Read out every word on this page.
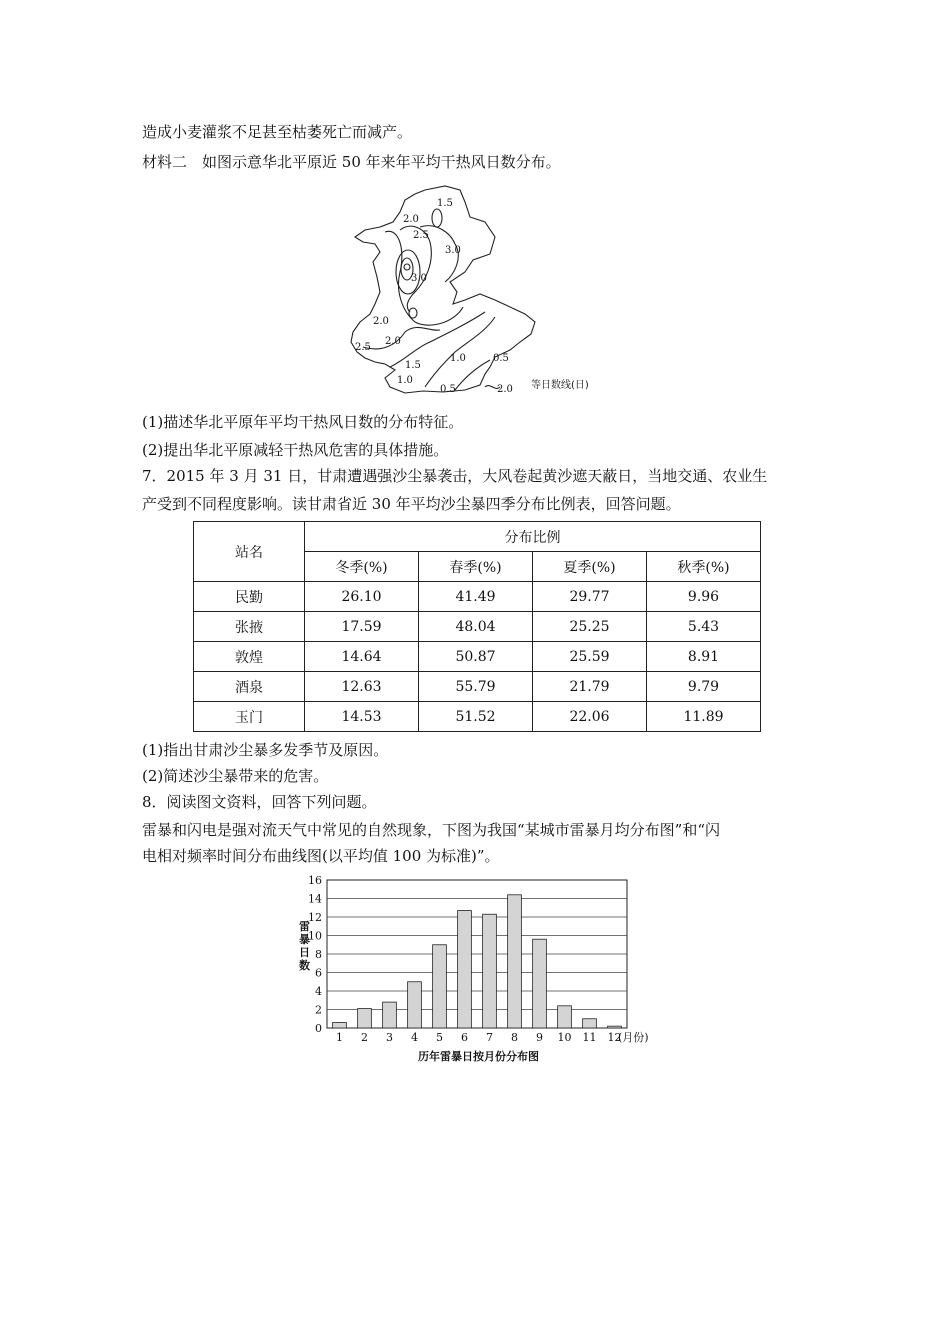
造成小麦灌浆不足甚至枯萎死亡而减产。
材料二　如图示意华北平原近 50 年来年平均干热风日数分布。
1.5
2.0
2.5
3.0
3.0
2.0
2.5
2.0
1.5
1.0
1.0	0.5
0.5	2.0 等日数线(日)
(1)描述华北平原年平均干热风日数的分布特征。
(2)提出华北平原减轻干热风危害的具体措施。
7．2015 年 3 月 31 日，甘肃遭遇强沙尘暴袭击，大风卷起黄沙遮天蔽日，当地交通、农业生
产受到不同程度影响。读甘肃省近 30 年平均沙尘暴四季分布比例表，回答问题。
站名	分布比例			
	冬季(%)	春季(%)	夏季(%)	秋季(%)
民勤	26.10	41.49	29.77	9.96
张掖	17.59	48.04	25.25	5.43
敦煌	14.64	50.87	25.59	8.91
酒泉	12.63	55.79	21.79	9.79
玉门	14.53	51.52	22.06	11.89
(1)指出甘肃沙尘暴多发季节及原因。
(2)简述沙尘暴带来的危害。
8．阅读图文资料，回答下列问题。
雷暴和闪电是强对流天气中常见的自然现象，下图为我国“某城市雷暴月均分布图”和“闪
电相对频率时间分布曲线图(以平均值 100 为标准)”。
0
2
4
6
8
10
12
14
16
1 2 3 4 5 6 7 8 9 10 11 12
(月份)
雷暴日数
历年雷暴日按月份分布图
